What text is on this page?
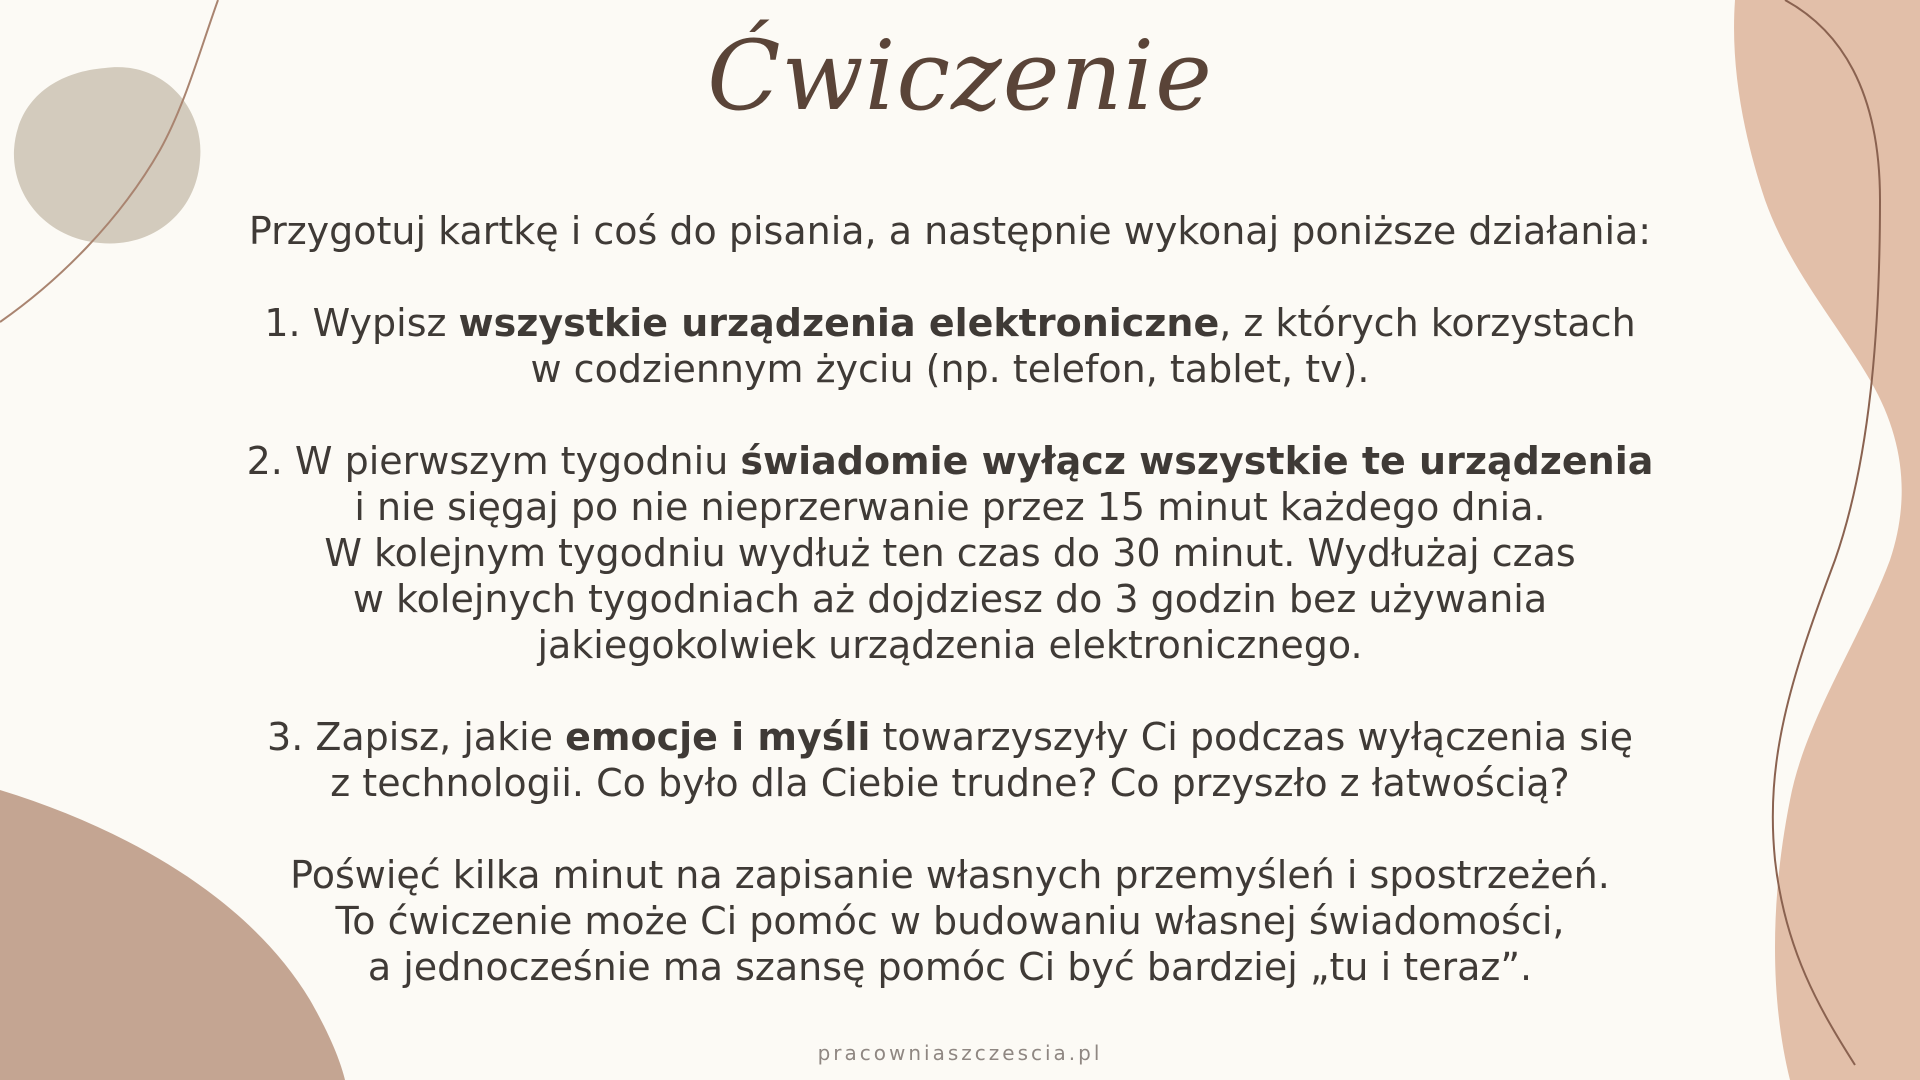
Ćwiczenie

Przygotuj kartkę i coś do pisania, a następnie wykonaj poniższe działania:

1. Wypisz wszystkie urządzenia elektroniczne, z których korzystach

w codziennym życiu (np. telefon, tablet, tv).

2. W pierwszym tygodniu świadomie wyłącz wszystkie te urządzenia

i nie sięgaj po nie nieprzerwanie przez 15 minut każdego dnia.

W kolejnym tygodniu wydłuż ten czas do 30 minut. Wydłużaj czas

w kolejnych tygodniach aż dojdziesz do 3 godzin bez używania

jakiegokolwiek urządzenia elektronicznego.

3. Zapisz, jakie emocje i myśli towarzyszyły Ci podczas wyłączenia się

z technologii. Co było dla Ciebie trudne? Co przyszło z łatwością?

Poświęć kilka minut na zapisanie własnych przemyśleń i spostrzeżeń.

To ćwiczenie może Ci pomóc w budowaniu własnej świadomości,

a jednocześnie ma szansę pomóc Ci być bardziej „tu i teraz”.

pracowniaszczescia.pl
